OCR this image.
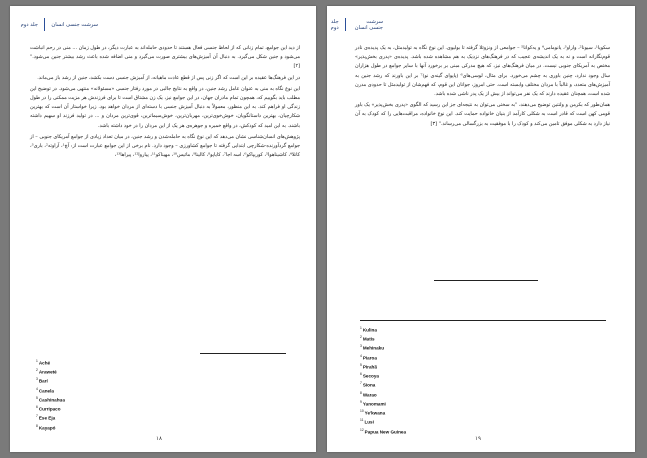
سرشت جنسی انسان
جلد دوم

از دید این جوامع، تمام زنانی که از لحاظ جنسی فعال هستند تا حدودی حامله‌اند به عبارت دیگر، در طول زمان ... منی در رحم انباشت می‌شود و جنین شکل می‌گیرد. به دنبال آن آمیزش‌های بیشتری صورت می‌گیرد و منی اضافه شده باعث رشد بیشتر جنین می‌شود." [۲]

در این فرهنگ‌ها عقیده بر این است که اگر زنی پس از قطع عادت ماهیانه، از آمیزش جنسی دست بکشد، جنین از رشد باز می‌ماند.

این نوع نگاه به منی به عنوان عامل رشد جنین، در واقع به نتایج جالبی در مورد رفتار جنسی «مسئولانه» منتهی می‌شود. در توضیح این مطلب باید بگوییم که، همچون تمام مادران جهان، در این جوامع نیز، یک زن مشتاق است تا برای فرزندش هر مزیت ممکنی را در طول زندگی او فراهم کند. به این منظور، معمولاً به دنبال آمیزش جنسی با دسته‌ای از مردان خواهد بود. زیرا خواستار آن است که بهترین شکارچیان، بهترین داستانگویان، خوش‌خوی‌ترین، مهربان‌ترین، خوش‌سیماترین، قوی‌ترین مردان و ... در تولید فرزند او سهیم داشته باشند. به این امید که کودکش، در واقع خمیره و جوهره‌ی هر یک از این مردان را در خود داشته باشد.

پژوهش‌های انسان‌شناسی نشان می‌دهد که این نوع نگاه به حامله‌شدن و رشد جنین، در میان تعداد زیادی از جوامع آمریکای جنوبی – از جوامع گردآورنده-شکارچی ابتدایی گرفته تا جوامع کشاورزی – وجود دارد. نام برخی از این جوامع عبارت است از: آچ¹، آراوته²، باری³، کانلا⁴، کاشینا‌هوا⁵، کوریپاکو⁶، اسه اجا⁷، کایاپو⁸، کالینا⁹، ماتیس¹⁰، مهیناکو¹¹، پیاروا¹²، پیراها¹³،

$^1$Aché
$^2$Araweté
$^3$Barí
$^4$Canela
$^5$Cashinahua
$^6$Curripaco
$^7$Ese Eja
$^8$Kayapó
۱۸
سرشت جنسی انسان
جلد دوم

سکویا¹، سیونا²، واراو³، یانومامی⁴ و یه‌کوانا⁵ – جوامعی از ونزوئلا گرفته تا بولیوی. این نوع نگاه به تولیدمثل، به یک پدیده‌ی نادر قوم‌نگارانه است و نه به یک اندیشه‌ی عجیب که در فرهنگ‌های نزدیک به هم مشاهده شده باشد. پدیده‌ی «پدری بخش‌پذیر» مختص به آمریکای جنوبی نیست. در میان فرهنگ‌های نیز، که هیچ مدرکی مبنی بر برخورد آنها با سایر جوامع در طول هزاران سال وجود ندارد، چنین باوری به چشم می‌خورد. برای مثال، لوسی‌های⁶ (پاپوای گینه‌ی نو)⁷ بر این باورند که رشد جنین به آمیزش‌های متعدد، و غالباً با مردان مختلف وابسته است. حتی امروز، جوانان این قوم، که فهم‌شان از تولیدمثل تا حدودی مدرن شده است، همچنان عقیده دارند که یک نفر می‌تواند از بیش از یک پدر ناشی شده باشد.

همان‌طور که بکرمن و ولنتین توضیح می‌دهند، "به سختی می‌توان به نتیجه‌ای جز این رسید که الگوی «پدری بخش‌پذیر» یک باور قومی کهن است که قادر است به شکلی کارآمد از بنیان خانواده حمایت کند. این نوع خانواده، مراقبت‌هایی را که کودک به آن نیاز دارد به شکلی موفق تامین می‌کند و کودک را با موفقیت به بزرگسالی می‌رساند." [۳]

$^1$Kulina
$^2$Matis
$^3$Mehinaku
$^4$Piaroa
$^5$Pirahã
$^6$Secoya
$^7$Siona
$^8$Warao
$^9$Yanomami
$^{10}$Ye'kwana
$^{11}$Lusi
$^{12}$Papua New Guinea
۱۹
